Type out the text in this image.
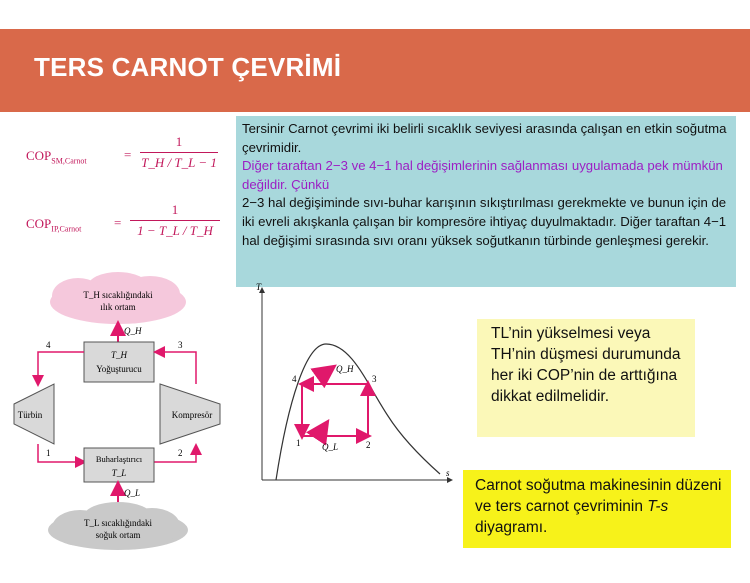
TERS CARNOT ÇEVRİMİ
$COP_{SM,Carnot}$	=
1
T_H / T_L − 1
$COP_{IP,Carnot}$	=
1
1 − T_L / T_H
Tersinir Carnot çevrimi iki belirli sıcaklık seviyesi arasında çalışan en etkin soğutma çevrimidir.
Diğer taraftan 2−3 ve 4−1 hal değişimlerinin sağlanması uygulamada pek mümkün değildir. Çünkü
2−3 hal değişiminde sıvı-buhar karışının sıkıştırılması gerekmekte ve bunun için de iki evreli akışkanla çalışan bir kompresöre ihtiyaç duyulmaktadır. Diğer taraftan 4−1 hal değişimi sırasında sıvı oranı yüksek soğutkanın türbinde genleşmesi gerekir.
T_H sıcaklığındaki
ılık ortam
Q_H
T_H
Yoğuşturucu
4	3
Türbin	Kompresör
1	2
Buharlaştırıcı
T_L
Q_L
T_L sıcaklığındaki
soğuk ortam
T
s
Q_H
Q_L
1	2
3
4
TL’nin yükselmesi veya TH’nin düşmesi durumunda her iki COP’nin de arttığına dikkat edilmelidir.
Carnot soğutma makinesinin düzeni ve ters carnot çevriminin T-s diyagramı.
